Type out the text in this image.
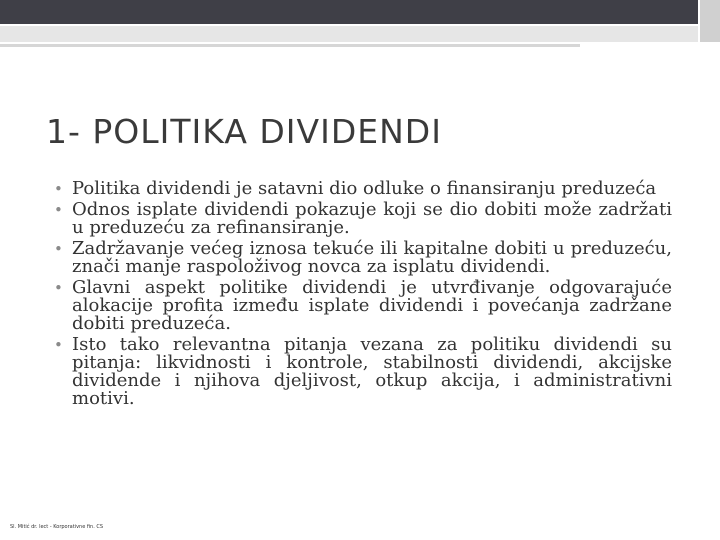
1- POLITIKA DIVIDENDI
• Politika dividendi je satavni dio odluke o finansiranju preduzeća
• Odnos isplate dividendi pokazuje koji se dio dobiti može zadržati u preduzeću za refinansiranje.
• Zadržavanje većeg iznosa tekuće ili kapitalne dobiti u preduzeću, znači manje raspoloživog novca za isplatu dividendi.
• Glavni aspekt politike dividendi je utvrđivanje odgovarajuće alokacije profita između isplate dividendi i povećanja zadržane dobiti preduzeća.
• Isto tako relevantna pitanja vezana za politiku dividendi su pitanja: likvidnosti i kontrole, stabilnosti dividendi, akcijske dividende i njihova djeljivost, otkup akcija, i administrativni motivi.
Sl. Mitić dr. lect - Korporativne fin. CS
